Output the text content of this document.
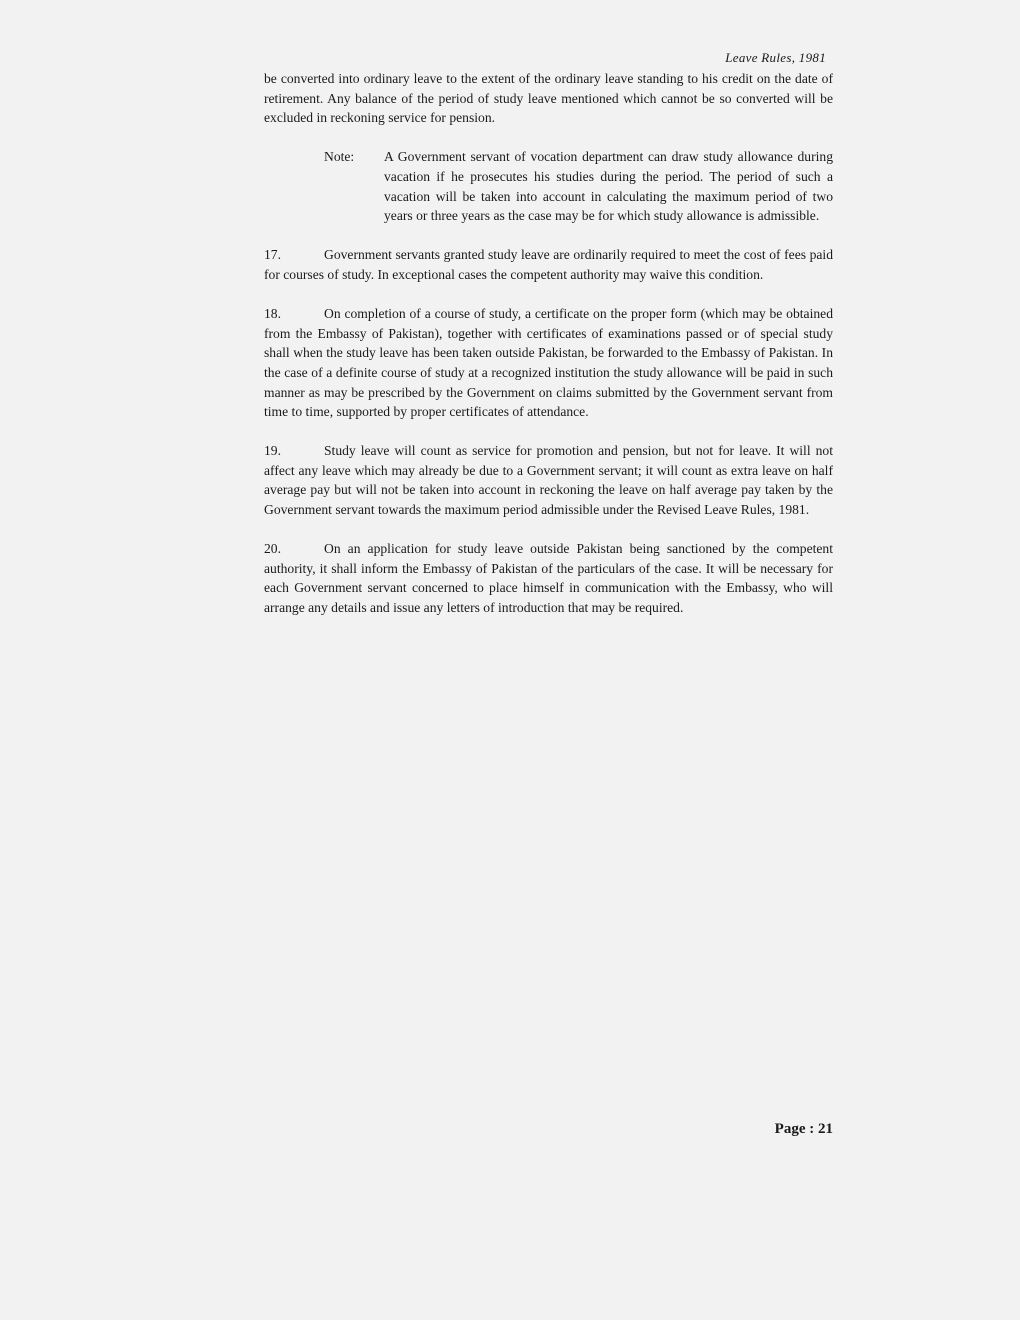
Leave Rules, 1981

be converted into ordinary leave to the extent of the ordinary leave standing to his credit on the date of retirement. Any balance of the period of study leave mentioned which cannot be so converted will be excluded in reckoning service for pension.

Note:	A Government servant of vocation department can draw study allowance during vacation if he prosecutes his studies during the period. The period of such a vacation will be taken into account in calculating the maximum period of two years or three years as the case may be for which study allowance is admissible.

17.	Government servants granted study leave are ordinarily required to meet the cost of fees paid for courses of study. In exceptional cases the competent authority may waive this condition.

18.	On completion of a course of study, a certificate on the proper form (which may be obtained from the Embassy of Pakistan), together with certificates of examinations passed or of special study shall when the study leave has been taken outside Pakistan, be forwarded to the Embassy of Pakistan. In the case of a definite course of study at a recognized institution the study allowance will be paid in such manner as may be prescribed by the Government on claims submitted by the Government servant from time to time, supported by proper certificates of attendance.

19.	Study leave will count as service for promotion and pension, but not for leave. It will not affect any leave which may already be due to a Government servant; it will count as extra leave on half average pay but will not be taken into account in reckoning the leave on half average pay taken by the Government servant towards the maximum period admissible under the Revised Leave Rules, 1981.

20.	On an application for study leave outside Pakistan being sanctioned by the competent authority, it shall inform the Embassy of Pakistan of the particulars of the case. It will be necessary for each Government servant concerned to place himself in communication with the Embassy, who will arrange any details and issue any letters of introduction that may be required.

Page : 21
